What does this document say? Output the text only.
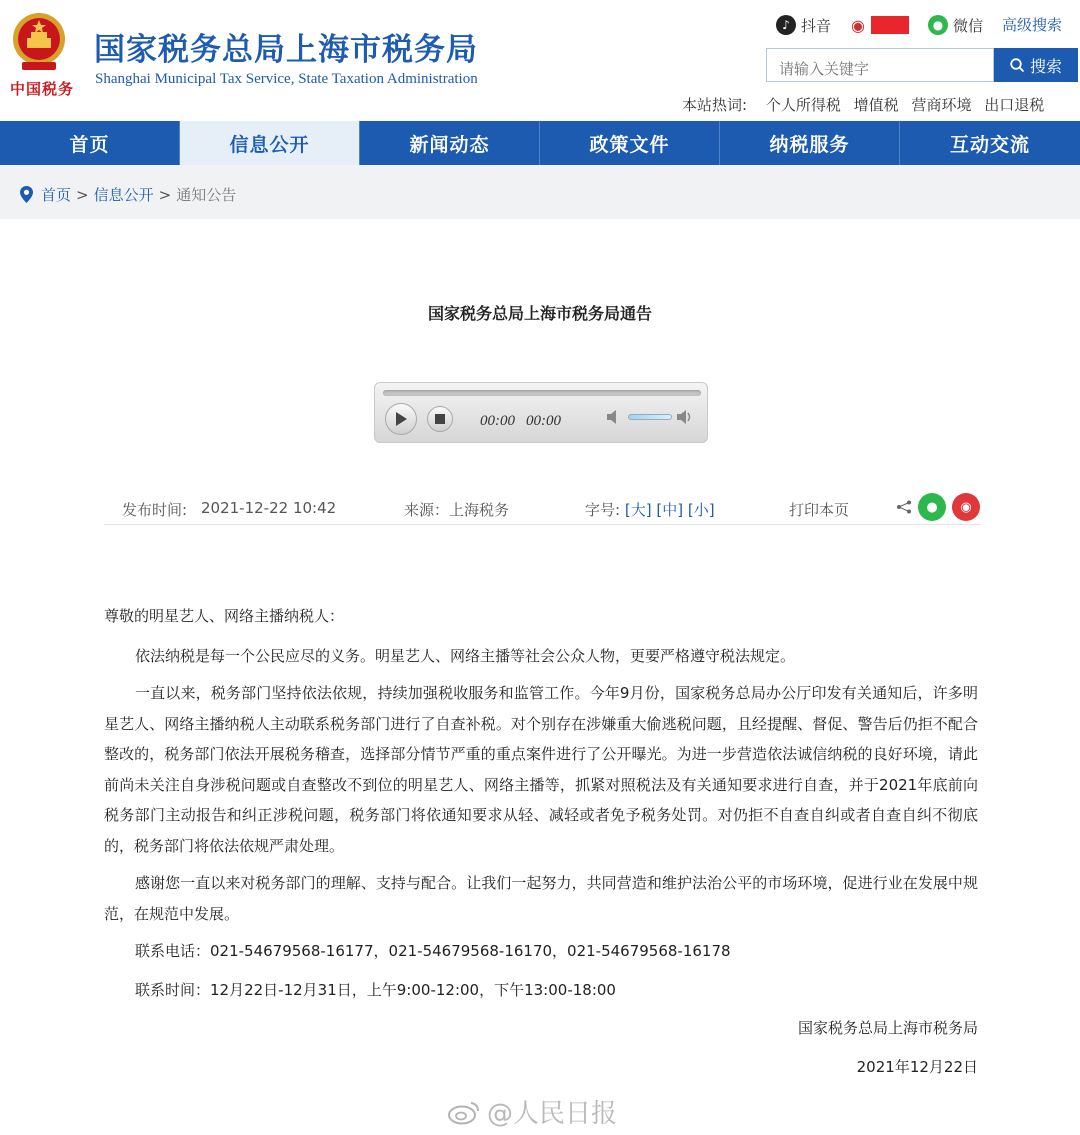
中国税务
国家税务总局上海市税务局
Shanghai Municipal Tax Service, State Taxation Administration
♪ 抖音 ◉	● 微信 高级搜索
请输入关键字
搜索
本站热词: 个人所得税 增值税 营商环境 出口退税
首页	信息公开	新闻动态	政策文件	纳税服务	互动交流
首页 > 信息公开 > 通知公告
国家税务总局上海市税务局通告
00:00 00:00
发布时间: 2021-12-22 10:42	来源：上海税务	字号: [大] [中] [小]	打印本页	●	◉
尊敬的明星艺人、网络主播纳税人：
依法纳税是每一个公民应尽的义务。明星艺人、网络主播等社会公众人物，更要严格遵守税法规定。
一直以来，税务部门坚持依法依规，持续加强税收服务和监管工作。今年9月份，国家税务总局办公厅印发有关通知后，许多明星艺人、网络主播纳税人主动联系税务部门进行了自查补税。对个别存在涉嫌重大偷逃税问题，且经提醒、督促、警告后仍拒不配合整改的，税务部门依法开展税务稽查，选择部分情节严重的重点案件进行了公开曝光。为进一步营造依法诚信纳税的良好环境，请此前尚未关注自身涉税问题或自查整改不到位的明星艺人、网络主播等，抓紧对照税法及有关通知要求进行自查，并于2021年底前向税务部门主动报告和纠正涉税问题，税务部门将依通知要求从轻、减轻或者免予税务处罚。对仍拒不自查自纠或者自查自纠不彻底的，税务部门将依法依规严肃处理。
感谢您一直以来对税务部门的理解、支持与配合。让我们一起努力，共同营造和维护法治公平的市场环境，促进行业在发展中规范，在规范中发展。
联系电话：021-54679568-16177，021-54679568-16170，021-54679568-16178
联系时间：12月22日-12月31日，上午9:00-12:00，下午13:00-18:00
国家税务总局上海市税务局
2021年12月22日
@人民日报
